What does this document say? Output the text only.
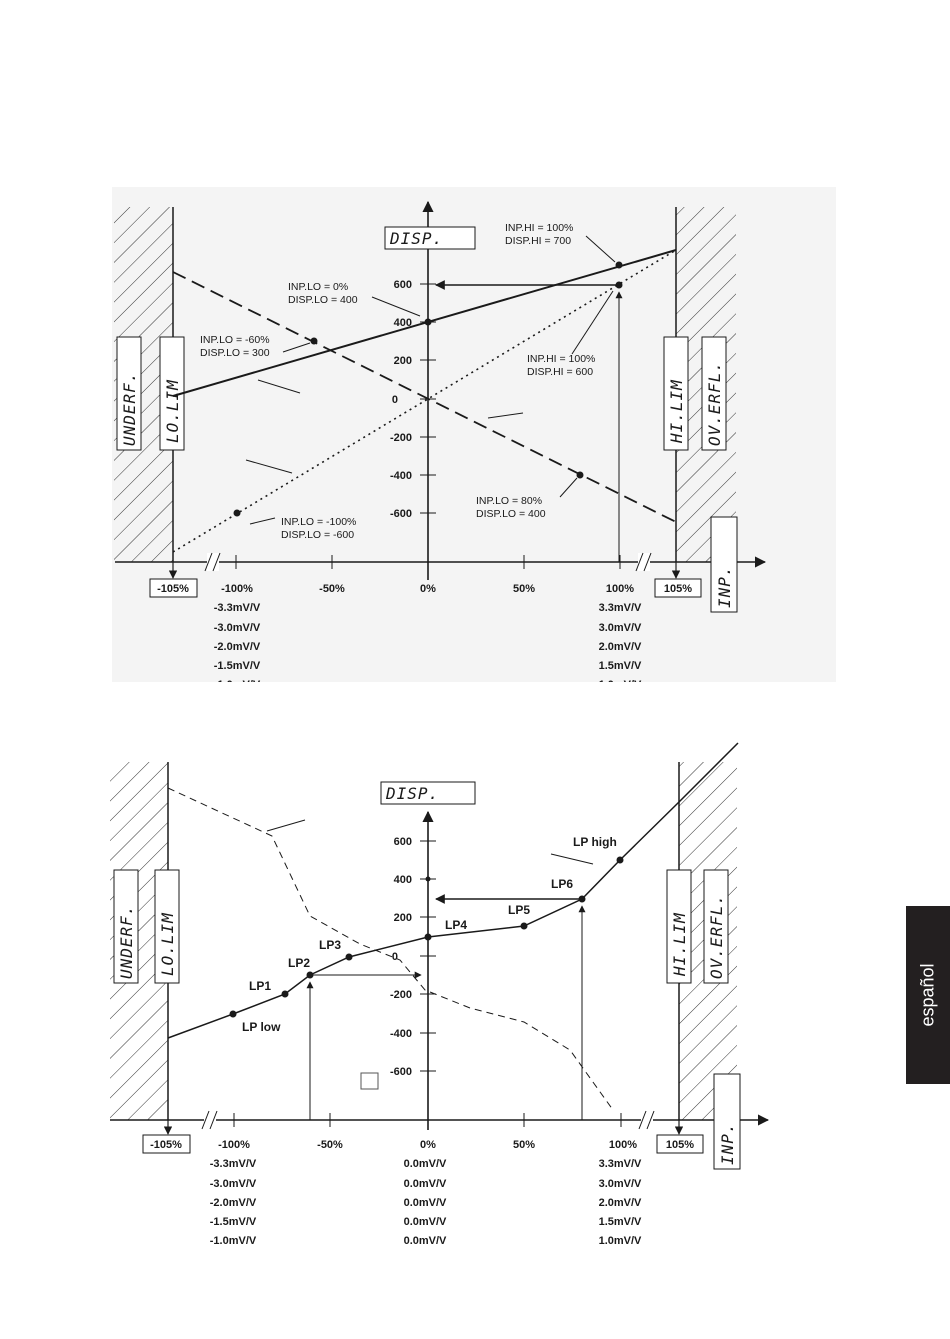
600
400
200
0
-200
-400
-600
-105%	-100%	-50%	0%	50%	100%	105%
-3.3mV/V
-3.0mV/V
-2.0mV/V
-1.5mV/V
3.3mV/V
3.0mV/V
2.0mV/V
1.5mV/V
DISP.
INP.
UNDERF. LO.LIM	HI.LIM OV.ERFL.
INP.HI = 100%
DISP.HI = 700
INP.LO = 0%
DISP.LO = 400
INP.LO = -60%
DISP.LO = 300	INP.HI = 100%
DISP.HI = 600
INP.LO = 80%
DISP.LO = 400
INP.LO = -100%
DISP.LO = -600
600
400
200
0
-200
-400
-600
-105%	-100%	-50%	0%	50%	100%	105%
-3.3mV/V
-3.0mV/V
-2.0mV/V
-1.5mV/V
-1.0mV/V
0.0mV/V
0.0mV/V
0.0mV/V
0.0mV/V
0.0mV/V
3.3mV/V
3.0mV/V
2.0mV/V
1.5mV/V
1.0mV/V
DISP.
INP.
UNDERF. LO.LIM	HI.LIM OV.ERFL.
LP low
LP1
LP2
LP3
LP4
LP5
LP6
LP high
español
